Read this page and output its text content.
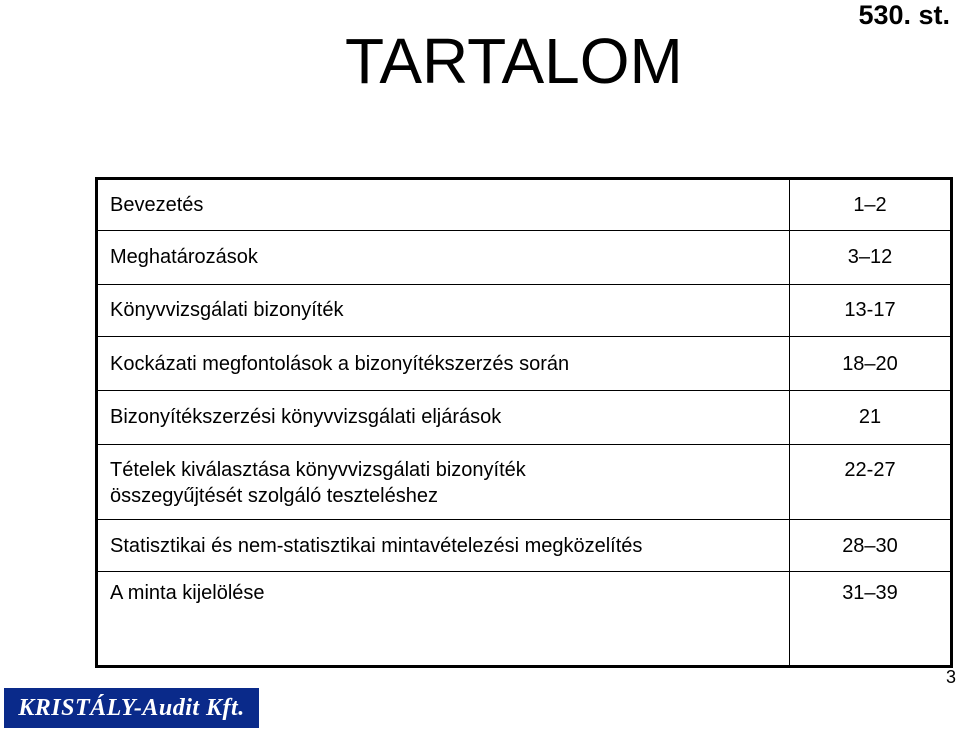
530. st.
TARTALOM
Bevezetés	1–2
Meghatározások	3–12
Könyvvizsgálati bizonyíték	13-17
Kockázati megfontolások a bizonyítékszerzés során	18–20
Bizonyítékszerzési könyvvizsgálati eljárások	21

Tételek kiválasztása könyvvizsgálati bizonyíték
összegyűjtését szolgáló teszteléshez	22-27
Statisztikai és nem-statisztikai mintavételezési megközelítés	28–30
A minta kijelölése	31–39
3
KRISTÁLY-Audit Kft.
